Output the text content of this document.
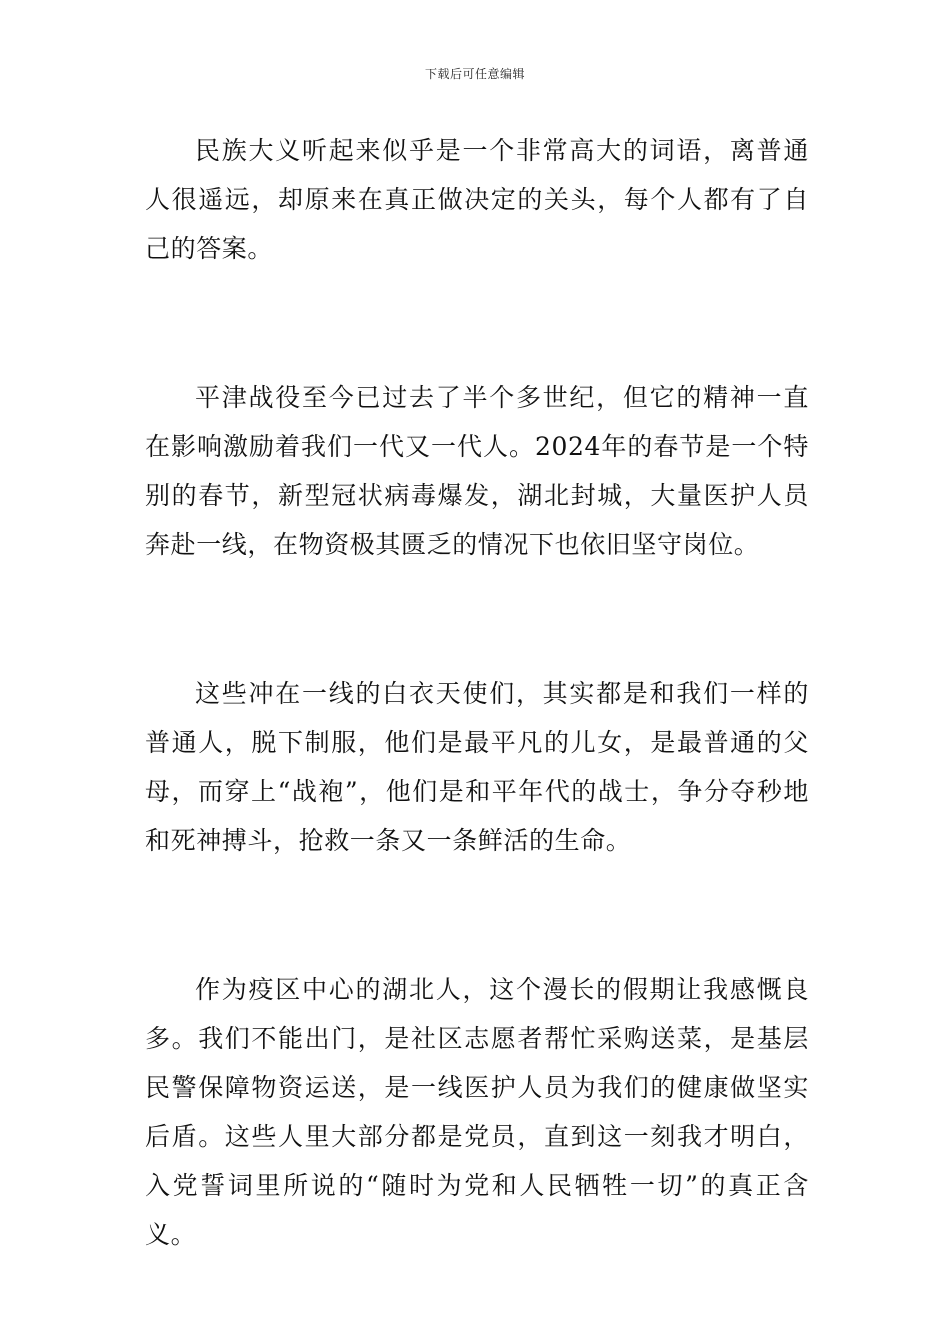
下载后可任意编辑

民族大义听起来似乎是一个非常高大的词语，离普通人很遥远，却原来在真正做决定的关头，每个人都有了自己的答案。

平津战役至今已过去了半个多世纪，但它的精神一直在影响激励着我们一代又一代人。2024年的春节是一个特别的春节，新型冠状病毒爆发，湖北封城，大量医护人员奔赴一线，在物资极其匮乏的情况下也依旧坚守岗位。

这些冲在一线的白衣天使们，其实都是和我们一样的普通人，脱下制服，他们是最平凡的儿女，是最普通的父母，而穿上“战袍”，他们是和平年代的战士，争分夺秒地和死神搏斗，抢救一条又一条鲜活的生命。

作为疫区中心的湖北人，这个漫长的假期让我感慨良多。我们不能出门，是社区志愿者帮忙采购送菜，是基层民警保障物资运送，是一线医护人员为我们的健康做坚实后盾。这些人里大部分都是党员，直到这一刻我才明白，入党誓词里所说的“随时为党和人民牺牲一切”的真正含义。
